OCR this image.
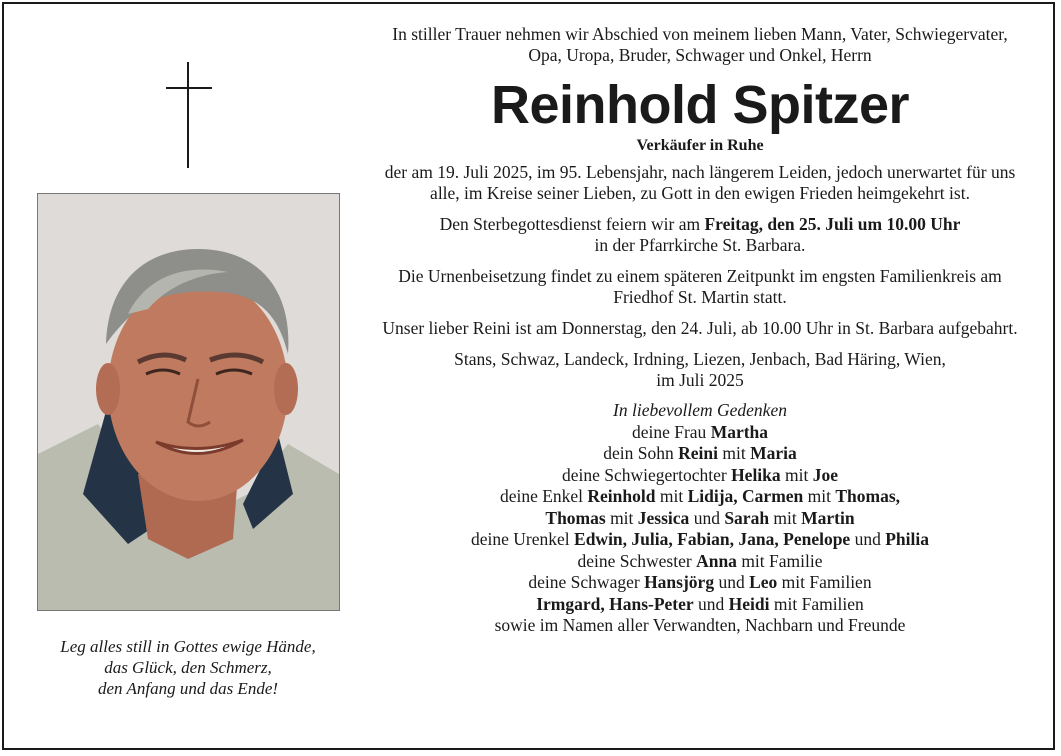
Leg alles still in Gottes ewige Hände,
das Glück, den Schmerz,
den Anfang und das Ende!

In stiller Trauer nehmen wir Abschied von meinem lieben Mann, Vater, Schwiegervater, Opa, Uropa, Bruder, Schwager und Onkel, Herrn

Reinhold Spitzer

Verkäufer in Ruhe

der am 19. Juli 2025, im 95. Lebensjahr, nach längerem Leiden, jedoch unerwartet für uns alle, im Kreise seiner Lieben, zu Gott in den ewigen Frieden heimgekehrt ist.

Den Sterbegottesdienst feiern wir am Freitag, den 25. Juli um 10.00 Uhr
in der Pfarrkirche St. Barbara.

Die Urnenbeisetzung findet zu einem späteren Zeitpunkt im engsten Familienkreis am Friedhof St. Martin statt.

Unser lieber Reini ist am Donnerstag, den 24. Juli, ab 10.00 Uhr in St. Barbara aufgebahrt.

Stans, Schwaz, Landeck, Irdning, Liezen, Jenbach, Bad Häring, Wien,
im Juli 2025

In liebevollem Gedenken
deine Frau Martha
dein Sohn Reini mit Maria
deine Schwiegertochter Helika mit Joe
deine Enkel Reinhold mit Lidija, Carmen mit Thomas,
Thomas mit Jessica und Sarah mit Martin
deine Urenkel Edwin, Julia, Fabian, Jana, Penelope und Philia
deine Schwester Anna mit Familie
deine Schwager Hansjörg und Leo mit Familien
Irmgard, Hans-Peter und Heidi mit Familien
sowie im Namen aller Verwandten, Nachbarn und Freunde
